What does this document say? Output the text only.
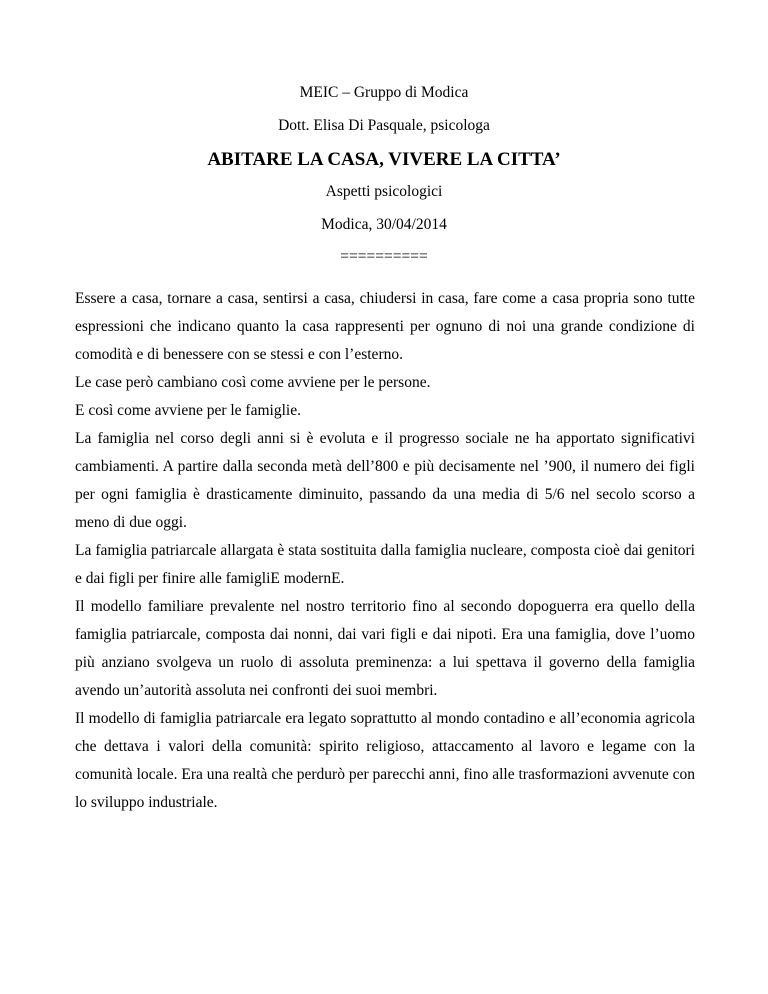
MEIC – Gruppo di Modica
Dott. Elisa Di Pasquale, psicologa
ABITARE LA CASA, VIVERE LA CITTA’
Aspetti psicologici
Modica, 30/04/2014
==========

Essere a casa, tornare a casa, sentirsi a casa, chiudersi in casa, fare come a casa propria sono tutte espressioni che indicano quanto la casa rappresenti per ognuno di noi una grande condizione di comodità e di benessere con se stessi e con l’esterno.

Le case però cambiano così come avviene per le persone.

E così come avviene per le famiglie.

La famiglia nel corso degli anni si è evoluta e il progresso sociale ne ha apportato significativi cambiamenti. A partire dalla seconda metà dell’800 e più decisamente nel ’900, il numero dei figli per ogni famiglia è drasticamente diminuito, passando da una media di 5/6 nel secolo scorso a meno di due oggi.

La famiglia patriarcale allargata è stata sostituita dalla famiglia nucleare, composta cioè dai genitori e dai figli per finire alle famigliE modernE.

Il modello familiare prevalente nel nostro territorio fino al secondo dopoguerra era quello della famiglia patriarcale, composta dai nonni, dai vari figli e dai nipoti. Era una famiglia, dove l’uomo più anziano svolgeva un ruolo di assoluta preminenza: a lui spettava il governo della famiglia avendo un’autorità assoluta nei confronti dei suoi membri.

Il modello di famiglia patriarcale era legato soprattutto al mondo contadino e all’economia agricola che dettava i valori della comunità: spirito religioso, attaccamento al lavoro e legame con la comunità locale. Era una realtà che perdurò per parecchi anni, fino alle trasformazioni avvenute con lo sviluppo industriale.
